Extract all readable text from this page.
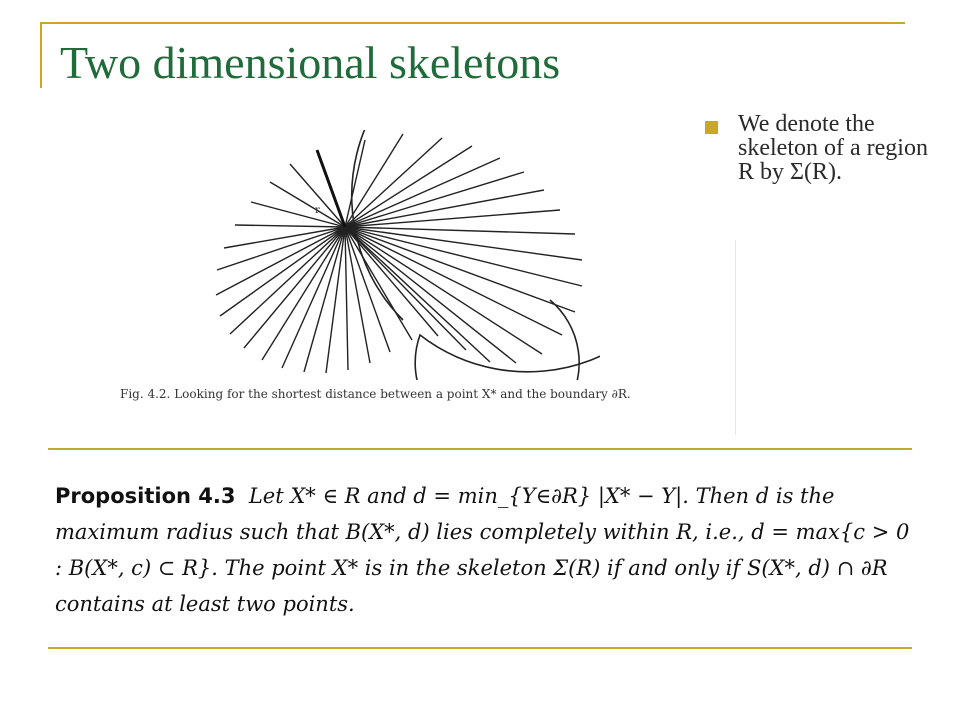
Two dimensional skeletons
We denote the skeleton of a region R by Σ(R).
r
Fig. 4.2. Looking for the shortest distance between a point X* and the boundary ∂R.
Proposition 4.3 Let X* ∈ R and d = min_{Y∈∂R} |X* − Y|. Then d is the maximum radius such that B(X*, d) lies completely within R, i.e., d = max{c > 0 : B(X*, c) ⊂ R}. The point X* is in the skeleton Σ(R) if and only if S(X*, d) ∩ ∂R contains at least two points.
